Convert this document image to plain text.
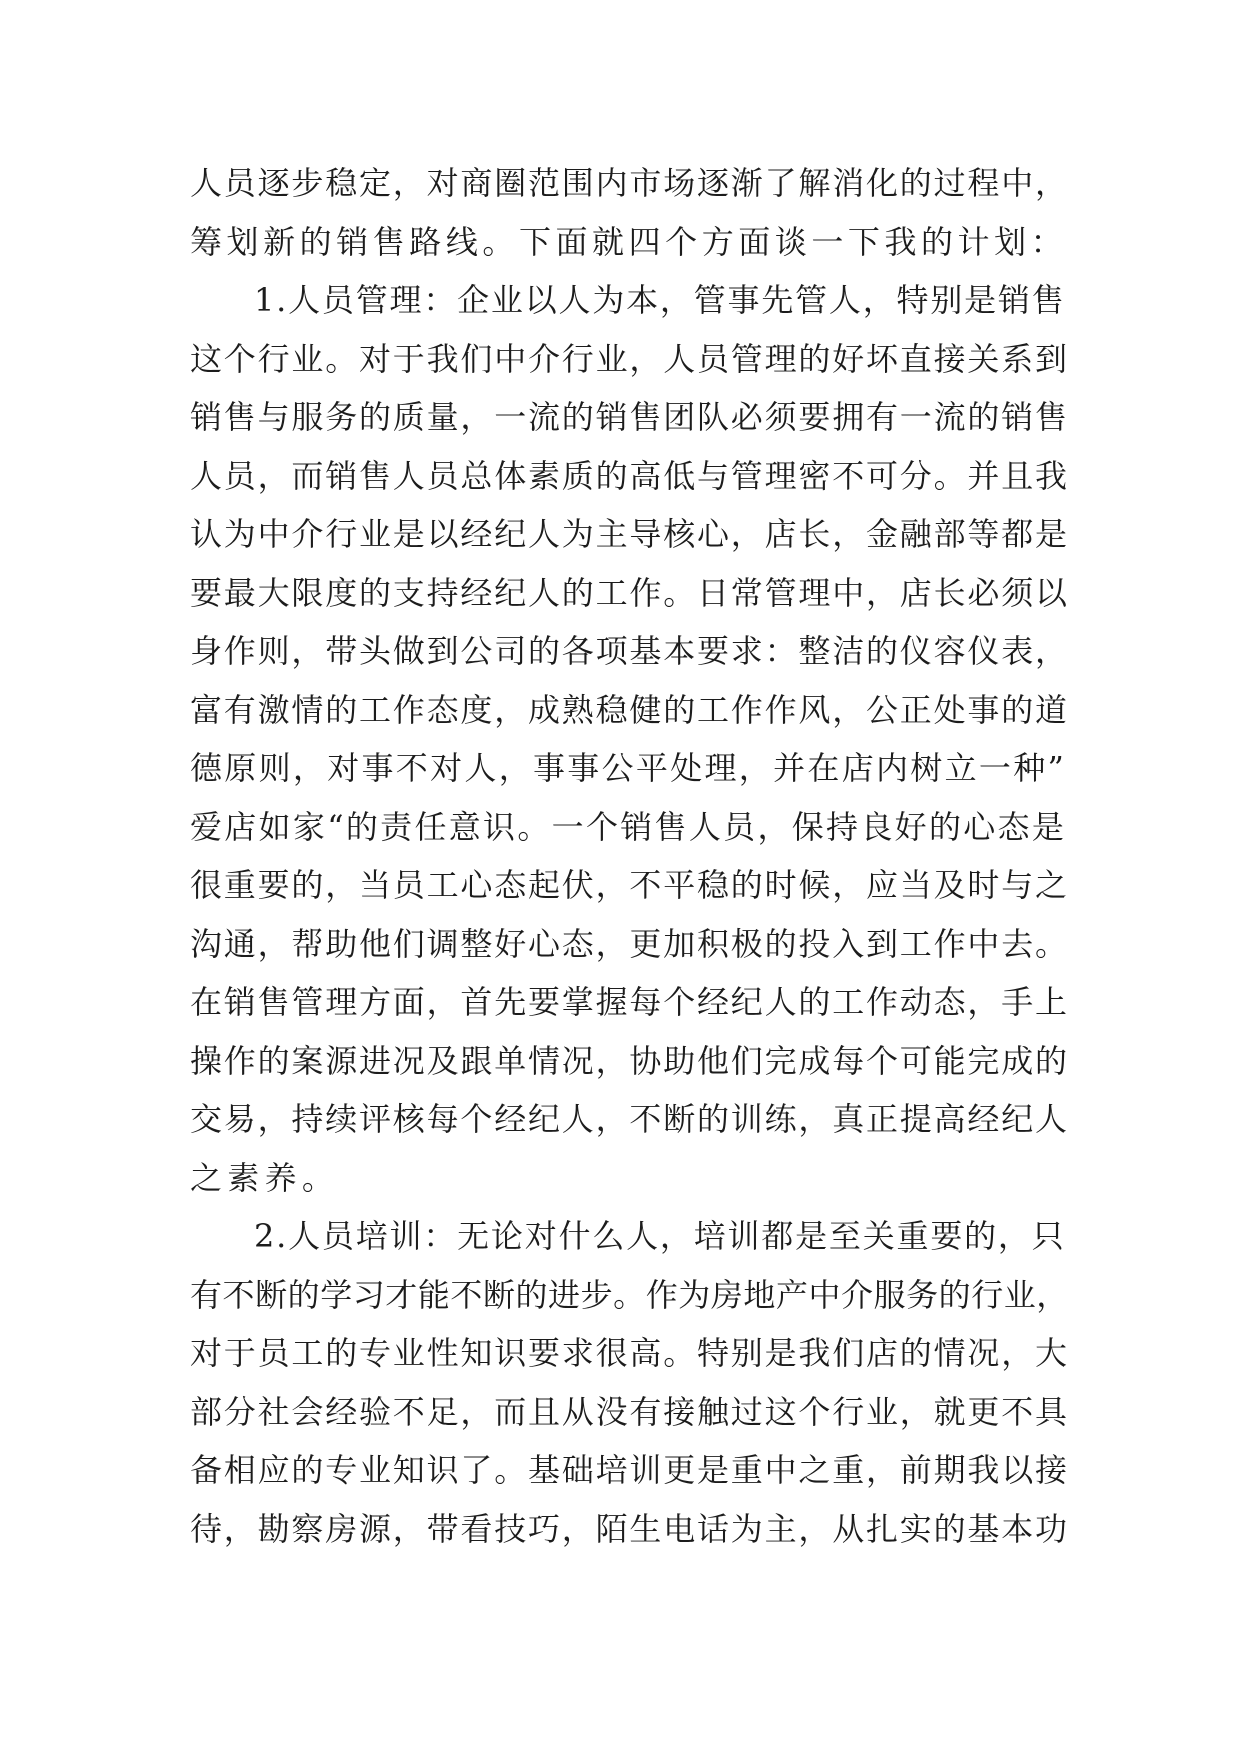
人员逐步稳定，对商圈范围内市场逐渐了解消化的过程中，
筹划新的销售路线。下面就四个方面谈一下我的计划：
1.人员管理：企业以人为本，管事先管人，特别是销售
这个行业。对于我们中介行业，人员管理的好坏直接关系到
销售与服务的质量，一流的销售团队必须要拥有一流的销售
人员，而销售人员总体素质的高低与管理密不可分。并且我
认为中介行业是以经纪人为主导核心，店长，金融部等都是
要最大限度的支持经纪人的工作。日常管理中，店长必须以
身作则，带头做到公司的各项基本要求：整洁的仪容仪表，
富有激情的工作态度，成熟稳健的工作作风，公正处事的道
德原则，对事不对人，事事公平处理，并在店内树立一种”
爱店如家“的责任意识。一个销售人员，保持良好的心态是
很重要的，当员工心态起伏，不平稳的时候，应当及时与之
沟通，帮助他们调整好心态，更加积极的投入到工作中去。
在销售管理方面，首先要掌握每个经纪人的工作动态，手上
操作的案源进况及跟单情况，协助他们完成每个可能完成的
交易，持续评核每个经纪人，不断的训练，真正提高经纪人
之素养。
2.人员培训：无论对什么人，培训都是至关重要的，只
有不断的学习才能不断的进步。作为房地产中介服务的行业，
对于员工的专业性知识要求很高。特别是我们店的情况，大
部分社会经验不足，而且从没有接触过这个行业，就更不具
备相应的专业知识了。基础培训更是重中之重，前期我以接
待，勘察房源，带看技巧，陌生电话为主，从扎实的基本功
